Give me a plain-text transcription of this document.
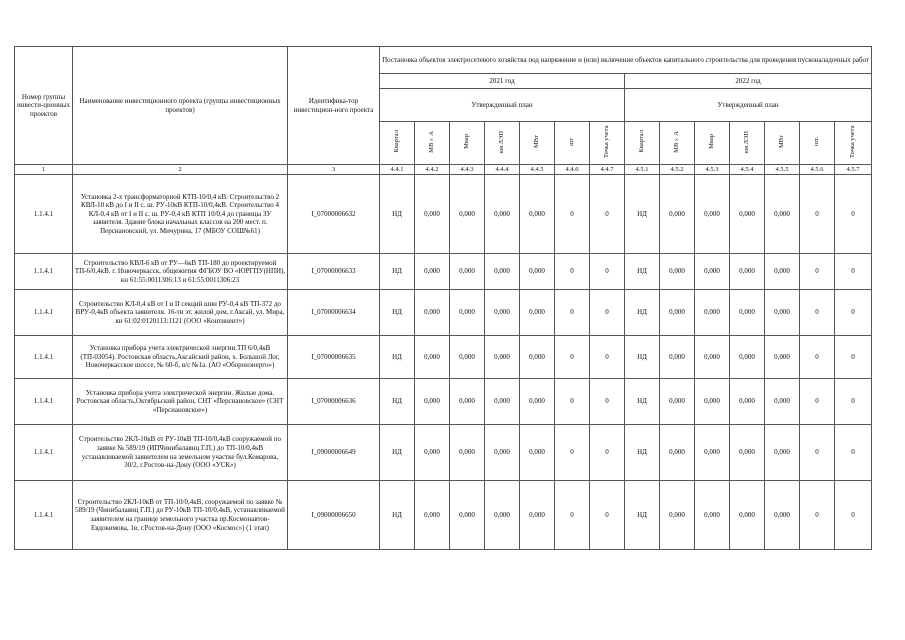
Номер группы инвести-ционных проектов	Наименование инвестиционного проекта (группы инвестиционных проектов)	Идентифика-тор инвестицион-ного проекта	Постановка объектов электросетевого хозяйства под напряжение и (или) включение объектов капитального строительства для проведения пусконаладочных работ													
			2021 год							2022 год						
			Утвержденный план							Утвержденный план						
			Квартал	МВ×А	Мвар	км ЛЭП	МВт	шт	Точка учета	Квартал	МВ×А	Мвар	км ЛЭП	МВт	шт.	Точка учета
1	2	3	4.4.1	4.4.2	4.4.3	4.4.4	4.4.5	4.4.6	4.4.7	4.5.1	4.5.2	4.5.3	4.5.4	4.5.5	4.5.6	4.5.7
1.1.4.1	Установка 2-х трансформаторной КТП-10/0,4 кВ. Строительство 2 КВЛ-10 кВ до I и II с. ш. РУ-10кВ КТП-10/0,4кВ. Строительство 4 КЛ-0,4 кВ от I и II с. ш. РУ-0,4 кВ КТП 10/0,4 до границы ЗУ заявителя. Здание блока начальных классов на 200 мест. п. Персиановский, ул. Мичурина, 17 (МБОУ СОШ№61)	I_07000006632	НД	0,000	0,000	0,000	0,000	0	0	НД	0,000	0,000	0,000	0,000	0	0
1.1.4.1	Строительство КВЛ-6 кВ от РУ—6кВ ТП-180 до проектируемой ТП-6/0,4кВ. г. Новочеркасск, общежития ФГБОУ ВО «ЮРГПУ(НПИ), кн 61:55:0011306:13 и 61:55:0011306:23	I_07000006633	НД	0,000	0,000	0,000	0,000	0	0	НД	0,000	0,000	0,000	0,000	0	0
1.1.4.1	Строительство КЛ-0,4 кВ от I и II секций шин РУ-0,4 кВ ТП-372 до ВРУ-0,4кВ объекта заявителя. 16-ти эт. жилой дом, г.Аксай, ул. Мира, кн 61:02:0120113:1121 (ООО «Континент»)	I_07000006634	НД	0,000	0,000	0,000	0,000	0	0	НД	0,000	0,000	0,000	0,000	0	0
1.1.4.1	Установка прибора учета электрической энергии.ТП 6/0,4кВ (ТП-03054). Ростовская область,Аксайский район, х. Большой Лог, Новочеркасское шоссе, № 60-б, в/с №1а. (АО «Оборонэнерго»)	I_07000006635	НД	0,000	0,000	0,000	0,000	0	0	НД	0,000	0,000	0,000	0,000	0	0
1.1.4.1	Установка прибора учета электрической энергии. Жилые дома. Ростовская область,Октябрьский район, СНТ «Персиановское» (СНТ «Персиановское»)	I_07000006636	НД	0,000	0,000	0,000	0,000	0	0	НД	0,000	0,000	0,000	0,000	0	0
1.1.4.1	Строительство 2КЛ-10кВ от РУ-10кВ ТП-10/0,4кВ сооружаемой по заявке № 589/19 (ИПЧинибалаянц Г.П.) до ТП-10/0,4кВ устанавливаемой заявителем на земельном участке бул.Комарова, 30/2, г.Ростов-на-Дону (ООО «УСК»)	I_09000006649	НД	0,000	0,000	0,000	0,000	0	0	НД	0,000	0,000	0,000	0,000	0	0
1.1.4.1	Строительство 2КЛ-10кВ от ТП-10/0,4кВ, сооружаемой по заявке № 589/19 (Чинибалаянц Г.П.) до РУ-10кВ ТП-10/0,4кВ, устанавливаемой заявителем на границе земельного участка пр.Космонавтов-Евдокимова, 1в, г.Ростов-на-Дону (ООО «Космос») (1 этап)	I_09000006650	НД	0,000	0,000	0,000	0,000	0	0	НД	0,000	0,000	0,000	0,000	0	0
